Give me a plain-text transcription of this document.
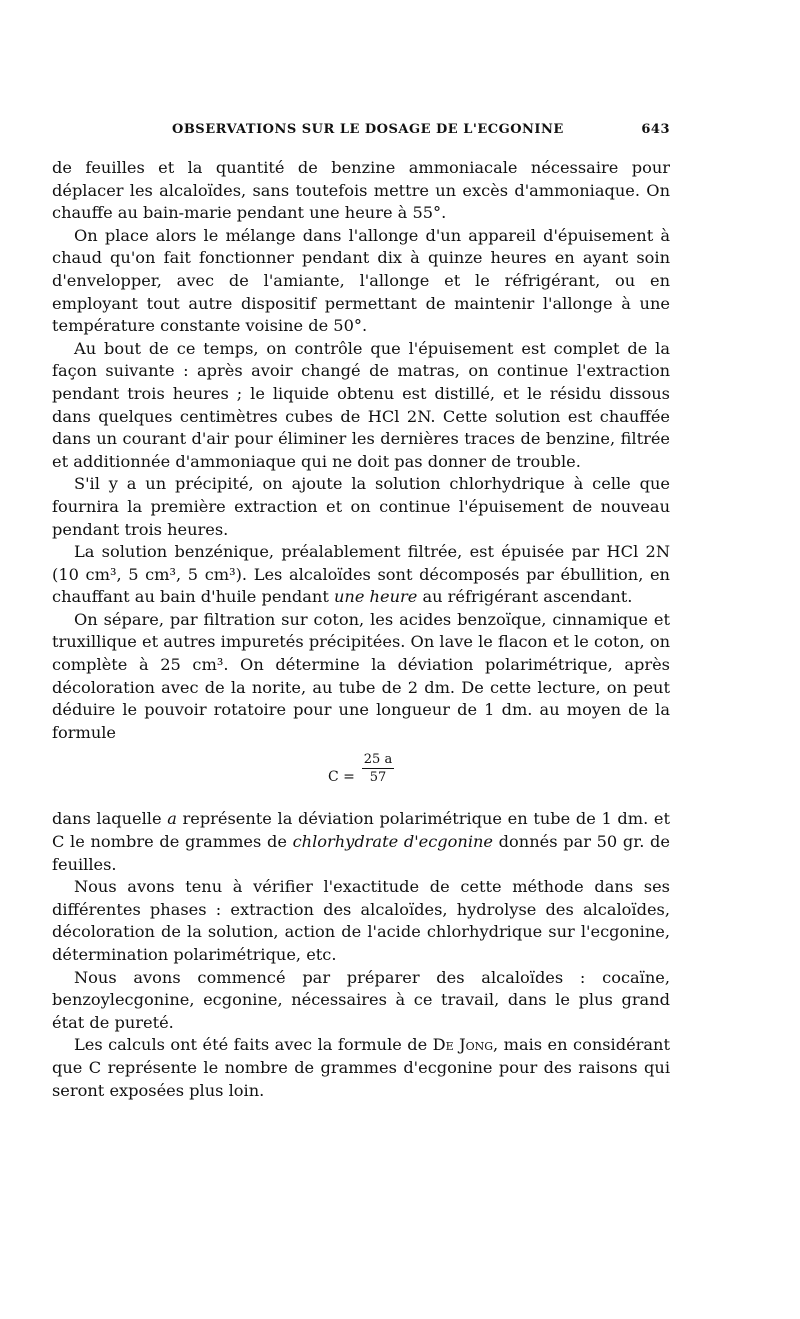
OBSERVATIONS SUR LE DOSAGE DE L'ECGONINE	643

de feuilles et la quantité de benzine ammoniacale nécessaire pour déplacer les alcaloïdes, sans toutefois mettre un excès d'ammoniaque. On chauffe au bain-marie pendant une heure à 55°.

On place alors le mélange dans l'allonge d'un appareil d'épuisement à chaud qu'on fait fonctionner pendant dix à quinze heures en ayant soin d'envelopper, avec de l'amiante, l'allonge et le réfrigérant, ou en employant tout autre dispositif permettant de maintenir l'allonge à une température constante voisine de 50°.

Au bout de ce temps, on contrôle que l'épuisement est complet de la façon suivante : après avoir changé de matras, on continue l'extraction pendant trois heures ; le liquide obtenu est distillé, et le résidu dissous dans quelques centimètres cubes de HCl 2N. Cette solution est chauffée dans un courant d'air pour éliminer les dernières traces de benzine, filtrée et additionnée d'ammoniaque qui ne doit pas donner de trouble.

S'il y a un précipité, on ajoute la solution chlorhydrique à celle que fournira la première extraction et on continue l'épuisement de nouveau pendant trois heures.

La solution benzénique, préalablement filtrée, est épuisée par HCl 2N (10 cm³, 5 cm³, 5 cm³). Les alcaloïdes sont décomposés par ébullition, en chauffant au bain d'huile pendant une heure au réfrigérant ascendant.

On sépare, par filtration sur coton, les acides benzoïque, cinnamique et truxillique et autres impuretés précipitées. On lave le flacon et le coton, on complète à 25 cm³. On détermine la déviation polarimétrique, après décoloration avec de la norite, au tube de 2 dm. De cette lecture, on peut déduire le pouvoir rotatoire pour une longueur de 1 dm. au moyen de la formule

$C = \frac{25 a}{57}$

dans laquelle a représente la déviation polarimétrique en tube de 1 dm. et C le nombre de grammes de chlorhydrate d'ecgonine donnés par 50 gr. de feuilles.

Nous avons tenu à vérifier l'exactitude de cette méthode dans ses différentes phases : extraction des alcaloïdes, hydrolyse des alcaloïdes, décoloration de la solution, action de l'acide chlorhydrique sur l'ecgonine, détermination polarimétrique, etc.

Nous avons commencé par préparer des alcaloïdes : cocaïne, benzoylecgonine, ecgonine, nécessaires à ce travail, dans le plus grand état de pureté.

Les calculs ont été faits avec la formule de De Jong, mais en considérant que C représente le nombre de grammes d'ecgonine pour des raisons qui seront exposées plus loin.
